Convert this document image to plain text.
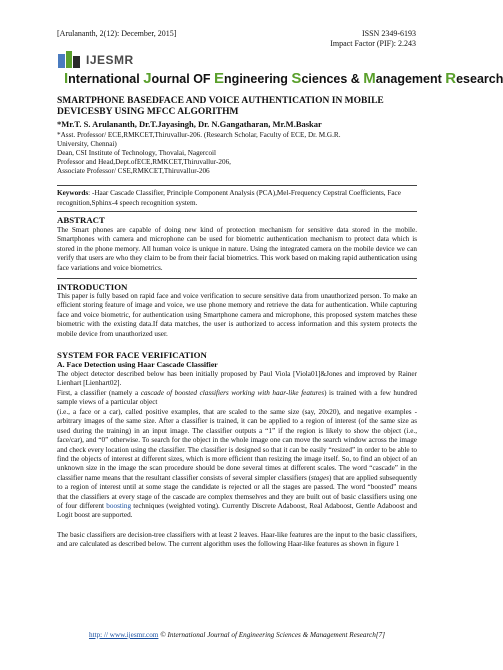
[Arulananth, 2(12): December, 2015]	ISSN 2349-6193
Impact Factor (PIF): 2.243
IJESMR
International Journal OF Engineering Sciences & Management Research
SMARTPHONE BASEDFACE AND VOICE AUTHENTICATION IN MOBILE DEVICESBY USING MFCC ALGORITHM
*Mr.T. S. Arulananth, Dr.T.Jayasingh, Dr. N.Gangatharan, Mr.M.Baskar
*Asst. Professor/ ECE,RMKCET,Thiruvallur-206. (Research Scholar, Faculty of ECE, Dr. M.G.R.
University, Chennai)
Dean, CSI Institute of Technology, Thovalai, Nagercoil
Professor and Head,Dept.ofECE,RMKCET,Thiruvallur-206,
Associate Professor/ CSE,RMKCET,Thiruvallur-206
Keywords: -Haar Cascade Classifier, Principle Component Analysis (PCA),Mel-Frequency Cepstral Coefficients, Face recognition,Sphinx-4 speech recognition system.
ABSTRACT
The Smart phones are capable of doing new kind of protection mechanism for sensitive data stored in the mobile. Smartphones with camera and microphone can be used for biometric authentication mechanism to protect data which is stored in the phone memory. All human voice is unique in nature. Using the integrated camera on the mobile device we can verify that users are who they claim to be from their facial biometrics. This work based on making rapid authentication using face variations and voice biometrics.
INTRODUCTION
This paper is fully based on rapid face and voice verification to secure sensitive data from unauthorized person. To make an efficient storing feature of image and voice, we use phone memory and retrieve the data for authentication. While capturing face and voice biometric, for authentication using Smartphone camera and microphone, this proposed system matches these biometric with the existing data.If data matches, the user is authorized to access information and this system protects the mobile device from unauthorized user.
SYSTEM FOR FACE VERIFICATION
A. Face Detection using Haar Cascade Classifier
The object detector described below has been initially proposed by Paul Viola [Viola01]&Jones and improved by Rainer Lienhart [Lienhart02].
First, a classifier (namely a cascade of boosted classifiers working with haar-like features) is trained with a few hundred sample views of a particular object
(i.e., a face or a car), called positive examples, that are scaled to the same size (say, 20x20), and negative examples - arbitrary images of the same size. After a classifier is trained, it can be applied to a region of interest (of the same size as used during the training) in an input image. The classifier outputs a “1” if the region is likely to show the object (i.e., face/car), and “0” otherwise. To search for the object in the whole image one can move the search window across the image and check every location using the classifier. The classifier is designed so that it can be easily “resized” in order to be able to find the objects of interest at different sizes, which is more efficient than resizing the image itself. So, to find an object of an unknown size in the image the scan procedure should be done several times at different scales. The word “cascade” in the classifier name means that the resultant classifier consists of several simpler classifiers (stages) that are applied subsequently to a region of interest until at some stage the candidate is rejected or all the stages are passed. The word “boosted” means that the classifiers at every stage of the cascade are complex themselves and they are built out of basic classifiers using one of four different boosting techniques (weighted voting). Currently Discrete Adaboost, Real Adaboost, Gentle Adaboost and Logit boost are supported.
The basic classifiers are decision-tree classifiers with at least 2 leaves. Haar-like features are the input to the basic classifiers, and are calculated as described below. The current algorithm uses the following Haar-like features as shown in figure 1
http: // www.ijesmr.com © International Journal of Engineering Sciences & Management Research[7]
